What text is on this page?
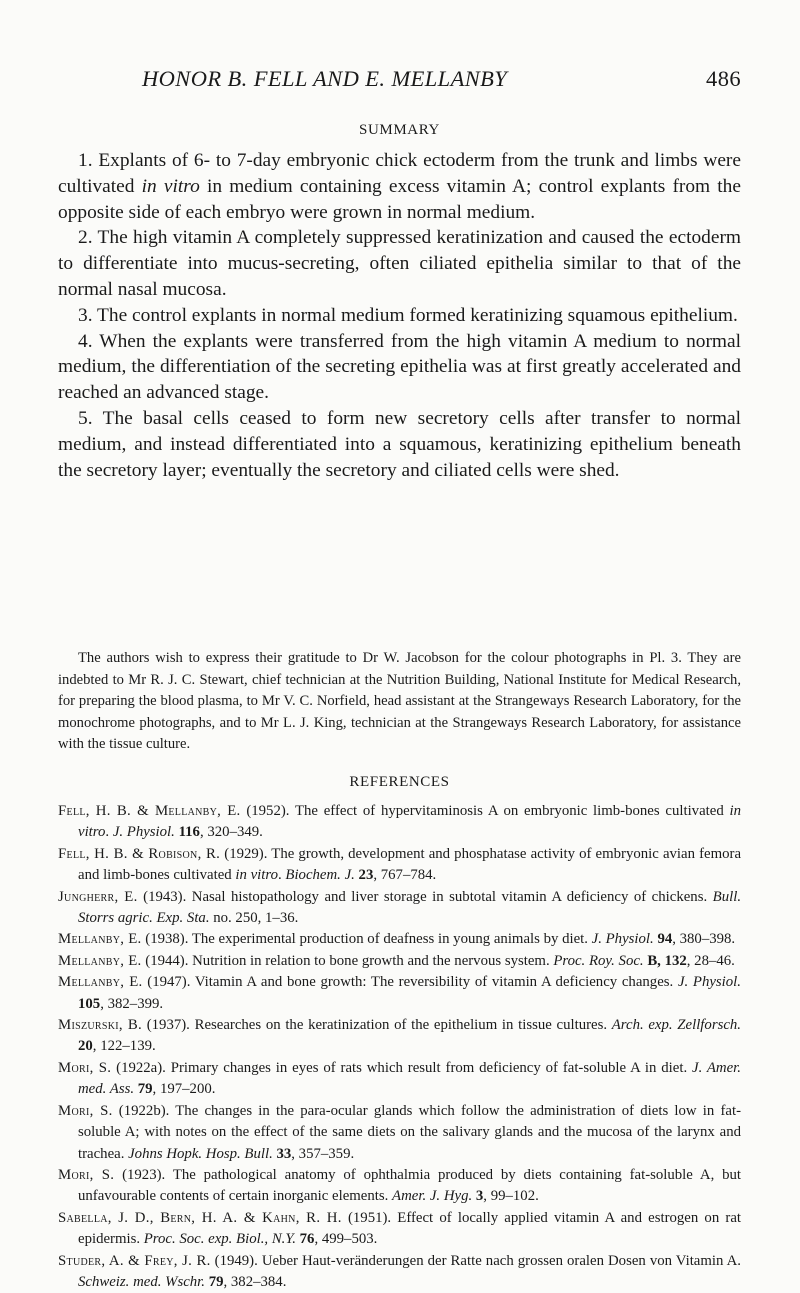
HONOR B. FELL AND E. MELLANBY	486
SUMMARY

1. Explants of 6- to 7-day embryonic chick ectoderm from the trunk and limbs were cultivated in vitro in medium containing excess vitamin A; control explants from the opposite side of each embryo were grown in normal medium.

2. The high vitamin A completely suppressed keratinization and caused the ectoderm to differentiate into mucus-secreting, often ciliated epithelia similar to that of the normal nasal mucosa.

3. The control explants in normal medium formed keratinizing squamous epithelium.

4. When the explants were transferred from the high vitamin A medium to normal medium, the differentiation of the secreting epithelia was at first greatly accelerated and reached an advanced stage.

5. The basal cells ceased to form new secretory cells after transfer to normal medium, and instead differentiated into a squamous, keratinizing epithelium beneath the secretory layer; eventually the secretory and ciliated cells were shed.

The authors wish to express their gratitude to Dr W. Jacobson for the colour photographs in Pl. 3. They are indebted to Mr R. J. C. Stewart, chief technician at the Nutrition Building, National Institute for Medical Research, for preparing the blood plasma, to Mr V. C. Norfield, head assistant at the Strangeways Research Laboratory, for the monochrome photographs, and to Mr L. J. King, technician at the Strangeways Research Laboratory, for assistance with the tissue culture.

REFERENCES

Fell, H. B. & Mellanby, E. (1952). The effect of hypervitaminosis A on embryonic limb-bones cultivated in vitro. J. Physiol. 116, 320–349.

Fell, H. B. & Robison, R. (1929). The growth, development and phosphatase activity of embryonic avian femora and limb-bones cultivated in vitro. Biochem. J. 23, 767–784.

Jungherr, E. (1943). Nasal histopathology and liver storage in subtotal vitamin A deficiency of chickens. Bull. Storrs agric. Exp. Sta. no. 250, 1–36.

Mellanby, E. (1938). The experimental production of deafness in young animals by diet. J. Physiol. 94, 380–398.

Mellanby, E. (1944). Nutrition in relation to bone growth and the nervous system. Proc. Roy. Soc. B, 132, 28–46.

Mellanby, E. (1947). Vitamin A and bone growth: The reversibility of vitamin A deficiency changes. J. Physiol. 105, 382–399.

Miszurski, B. (1937). Researches on the keratinization of the epithelium in tissue cultures. Arch. exp. Zellforsch. 20, 122–139.

Mori, S. (1922a). Primary changes in eyes of rats which result from deficiency of fat-soluble A in diet. J. Amer. med. Ass. 79, 197–200.

Mori, S. (1922b). The changes in the para-ocular glands which follow the administration of diets low in fat-soluble A; with notes on the effect of the same diets on the salivary glands and the mucosa of the larynx and trachea. Johns Hopk. Hosp. Bull. 33, 357–359.

Mori, S. (1923). The pathological anatomy of ophthalmia produced by diets containing fat-soluble A, but unfavourable contents of certain inorganic elements. Amer. J. Hyg. 3, 99–102.

Sabella, J. D., Bern, H. A. & Kahn, R. H. (1951). Effect of locally applied vitamin A and estrogen on rat epidermis. Proc. Soc. exp. Biol., N.Y. 76, 499–503.

Studer, A. & Frey, J. R. (1949). Ueber Haut-veränderungen der Ratte nach grossen oralen Dosen von Vitamin A. Schweiz. med. Wschr. 79, 382–384.
